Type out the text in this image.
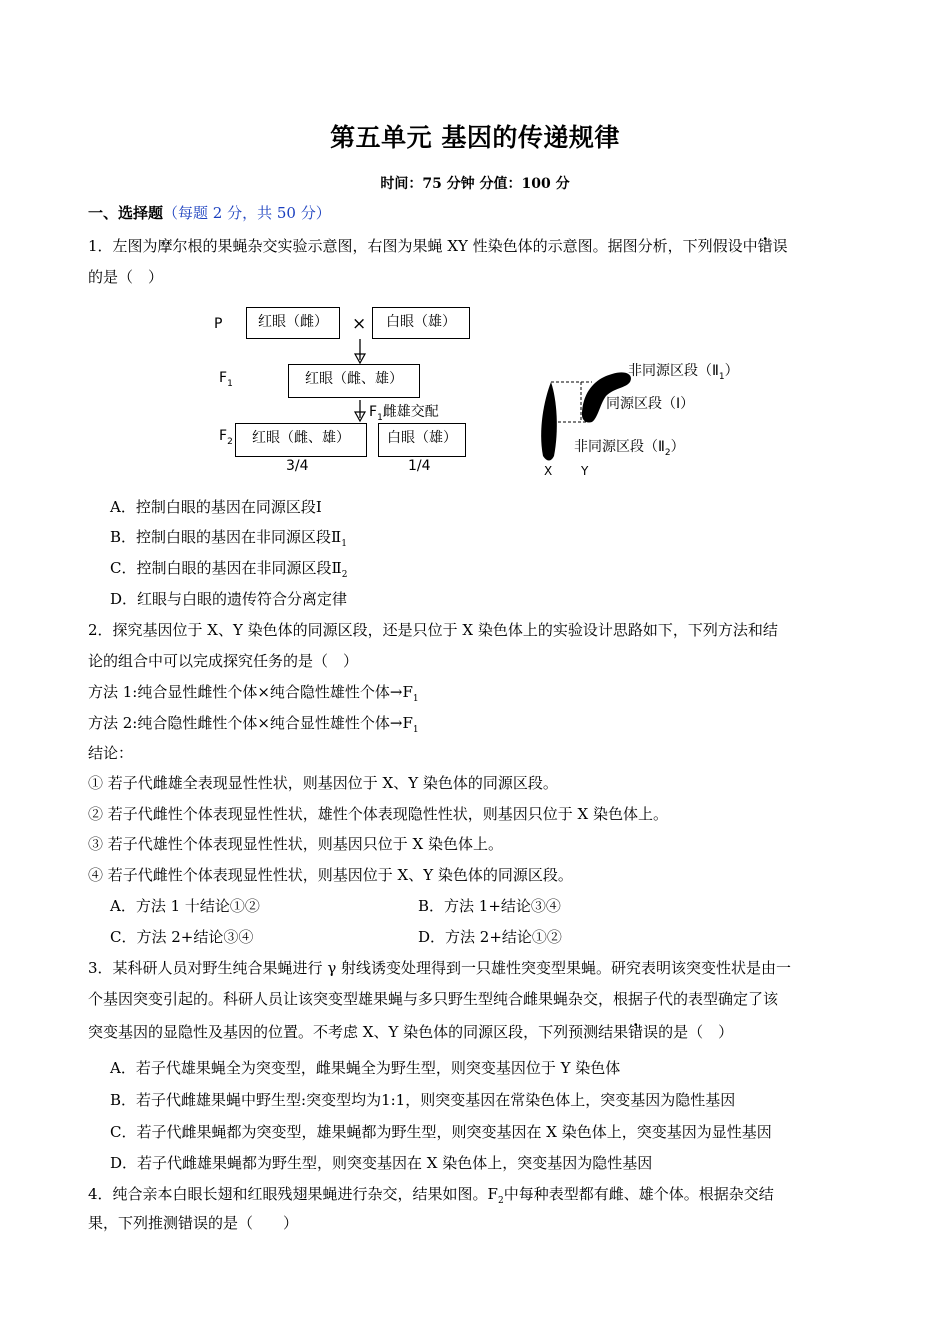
第五单元 基因的传递规律
时间：75 分钟 分值：100 分
一、选择题（每题 2 分，共 50 分）
1．左图为摩尔根的果蝇杂交实验示意图，右图为果蝇 XY 性染色体的示意图。据图分析，下列假设中错误
的是（　）
P	红眼（雌）	×	白眼（雄）
$F_1$	红眼（雌、雄）
$F_1$雌雄交配
$F_2$	红眼（雌、雄）	白眼（雄）
3/4	1/4
非同源区段$(Ⅱ_1)$
同源区段（Ⅰ）
非同源区段$(Ⅱ_2)$
X Y
A．控制白眼的基因在同源区段Ⅰ
B．控制白眼的基因在非同源区段$Ⅱ_1$
C．控制白眼的基因在非同源区段$Ⅱ_2$
D．红眼与白眼的遗传符合分离定律
2．探究基因位于 X、Y 染色体的同源区段，还是只位于 X 染色体上的实验设计思路如下，下列方法和结
论的组合中可以完成探究任务的是（　）
方法 1:纯合显性雌性个体×纯合隐性雄性个体$\to F_1$
方法 2:纯合隐性雌性个体×纯合显性雄性个体$\to F_1$
结论：
① 若子代雌雄全表现显性性状，则基因位于 X、Y 染色体的同源区段。
② 若子代雌性个体表现显性性状，雄性个体表现隐性性状，则基因只位于 X 染色体上。
③ 若子代雄性个体表现显性性状，则基因只位于 X 染色体上。
④ 若子代雌性个体表现显性性状，则基因位于 X、Y 染色体的同源区段。
A．方法 1 十结论①②	B．方法 1+结论③④
C．方法 2+结论③④	D．方法 2+结论①②
3．某科研人员对野生纯合果蝇进行 γ 射线诱变处理得到一只雄性突变型果蝇。研究表明该突变性状是由一
个基因突变引起的。科研人员让该突变型雄果蝇与多只野生型纯合雌果蝇杂交，根据子代的表型确定了该
突变基因的显隐性及基因的位置。不考虑 X、Y 染色体的同源区段，下列预测结果错误的是（　）
A．若子代雄果蝇全为突变型，雌果蝇全为野生型，则突变基因位于 Y 染色体
B．若子代雌雄果蝇中野生型:突变型均为1:1，则突变基因在常染色体上，突变基因为隐性基因
C．若子代雌果蝇都为突变型，雄果蝇都为野生型，则突变基因在 X 染色体上，突变基因为显性基因
D．若子代雌雄果蝇都为野生型，则突变基因在 X 染色体上，突变基因为隐性基因
4．纯合亲本白眼长翅和红眼残翅果蝇进行杂交，结果如图。$F_2$中每种表型都有雌、雄个体。根据杂交结
果，下列推测错误的是（　　）
